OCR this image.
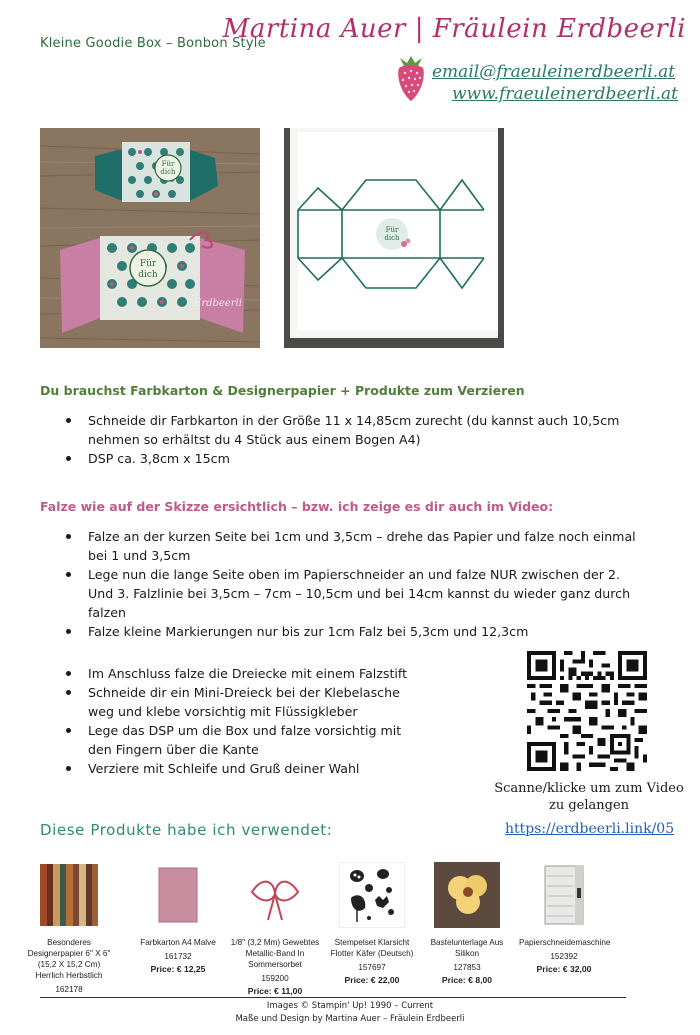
Kleine Goodie Box – Bonbon Style
Martina Auer | Fräulein Erdbeerli
email@fraeuleinerdbeerli.at
www.fraeuleinerdbeerli.at
Für
dich
Für
dich
Erdbeerli
Für
dich
Du brauchst Farbkarton & Designerpapier + Produkte zum Verzieren
Schneide dir Farbkarton in der Größe 11 x 14,85cm zurecht (du kannst auch 10,5cm nehmen so erhältst du 4 Stück aus einem Bogen A4)
DSP ca. 3,8cm x 15cm
Falze wie auf der Skizze ersichtlich – bzw. ich zeige es dir auch im Video:
Falze an der kurzen Seite bei 1cm und 3,5cm – drehe das Papier und falze noch einmal bei 1 und 3,5cm
Lege nun die lange Seite oben im Papierschneider an und falze NUR zwischen der 2. Und 3. Falzlinie bei 3,5cm – 7cm – 10,5cm und bei 14cm kannst du wieder ganz durch falzen
Falze kleine Markierungen nur bis zur 1cm Falz bei 5,3cm und 12,3cm
Im Anschluss falze die Dreiecke mit einem Falzstift
Schneide dir ein Mini-Dreieck bei der Klebelasche weg und klebe vorsichtig mit Flüssigkleber
Lege das DSP um die Box und falze vorsichtig mit den Fingern über die Kante
Verziere mit Schleife und Gruß deiner Wahl
Scanne/klicke um zum Video zu gelangen
Diese Produkte habe ich verwendet:	https://erdbeerli.link/05
Besonderes Designerpapier 6" X 6" (15,2 X 15,2 Cm) Herrlich Herbstlich
162178
Farbkarton A4 Malve
161732
Price: € 12,25
1/8" (3,2 Mm) Gewebtes Metallic-Band In Sommersorbet
159200
Price: € 11,00
Stempelset Klarsicht Flotter Käfer (Deutsch)
157697
Price: € 22,00
Bastelunterlage Aus Silikon
127853
Price: € 8,00
Papierschneidemaschine
152392
Price: € 32,00
Images © Stampin' Up! 1990 – Current
Maße und Design by Martina Auer – Fräulein Erdbeerli
